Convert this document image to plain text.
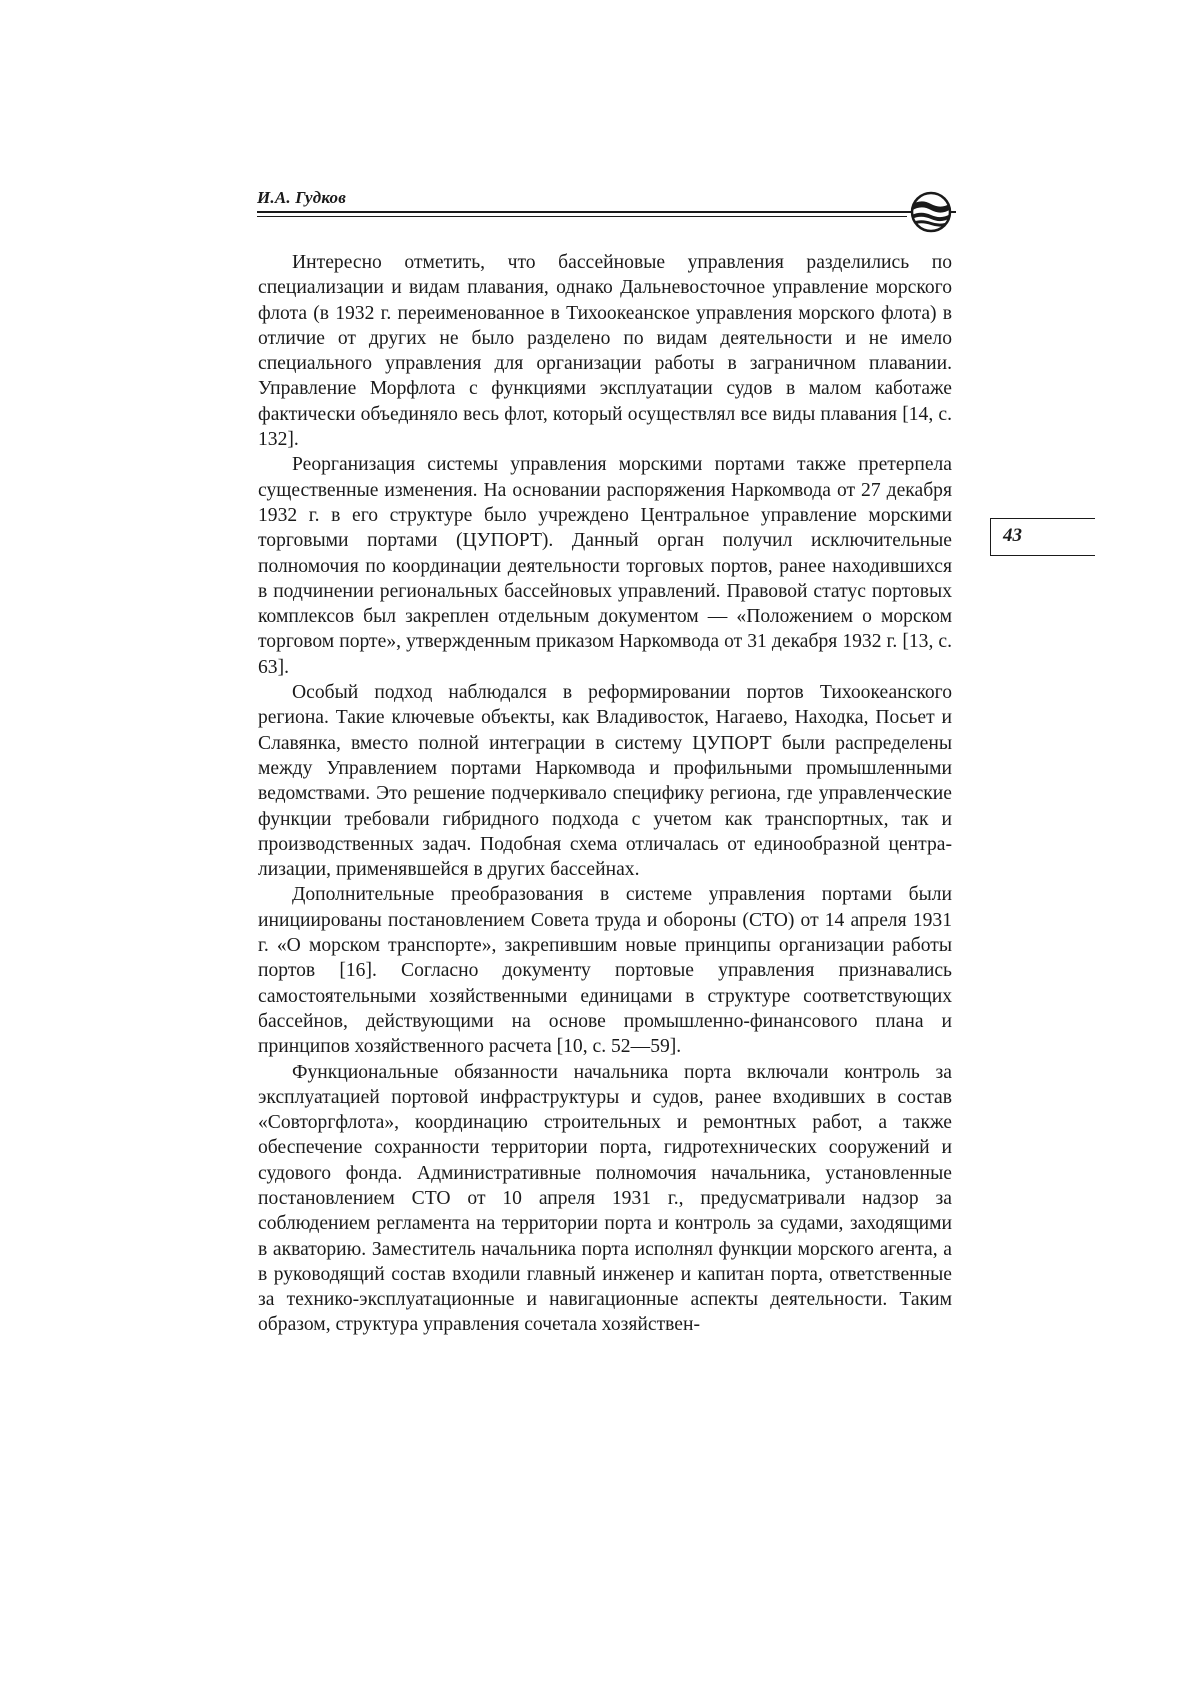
И.А. Гудков
43

Интересно отметить, что бассейновые управления разделились по специализации и видам плавания, однако Дальневосточное управление морского флота (в 1932 г. переименованное в Тихоокеанское управления морского флота) в отличие от других не было разделено по видам деятельности и не имело специального управления для организации работы в заграничном плавании. Управление Морфлота с функциями эксплуатации судов в малом каботаже фактически объединяло весь флот, который осуществлял все виды плавания [14, с. 132].

Реорганизация системы управления морскими портами также претерпела существенные изменения. На основании распоряжения Наркомвода от 27 декабря 1932 г. в его структуре было учреждено Центральное управление морскими торговыми портами (ЦУПОРТ). Данный орган получил исключительные полномочия по координации деятельности торговых портов, ранее находившихся в подчинении региональных бассейновых управлений. Правовой статус портовых комплексов был закреплен отдельным документом — «Положением о морском торговом порте», утвержденным приказом Наркомвода от 31 декабря 1932 г. [13, с. 63].

Особый подход наблюдался в реформировании портов Тихоокеанского региона. Такие ключевые объекты, как Владивосток, Нагаево, Находка, Посьет и Славянка, вместо полной интеграции в систему ЦУПОРТ были распределены между Управлением портами Наркомвода и профильными промышленными ведомствами. Это решение подчеркивало специфику региона, где управленческие функции требовали гибридного подхода с учетом как транспортных, так и производственных задач. Подобная схема отличалась от единообразной централизации, применявшейся в других бассейнах.

Дополнительные преобразования в системе управления портами были инициированы постановлением Совета труда и обороны (СТО) от 14 апреля 1931 г. «О морском транспорте», закрепившим новые принципы организации работы портов [16]. Согласно документу портовые управления признавались самостоятельными хозяйственными единицами в структуре соответствующих бассейнов, действующими на основе промышленно-финансового плана и принципов хозяйственного расчета [10, с. 52—59].

Функциональные обязанности начальника порта включали контроль за эксплуатацией портовой инфраструктуры и судов, ранее входивших в состав «Совторгфлота», координацию строительных и ремонтных работ, а также обеспечение сохранности территории порта, гидротехнических сооружений и судового фонда. Административные полномочия начальника, установленные постановлением СТО от 10 апреля 1931 г., предусматривали надзор за соблюдением регламента на территории порта и контроль за судами, заходящими в акваторию. Заместитель начальника порта исполнял функции морского агента, а в руководящий состав входили главный инженер и капитан порта, ответственные за технико-эксплуатационные и навигационные аспекты деятельности. Таким образом, структура управления сочетала хозяйствен-
